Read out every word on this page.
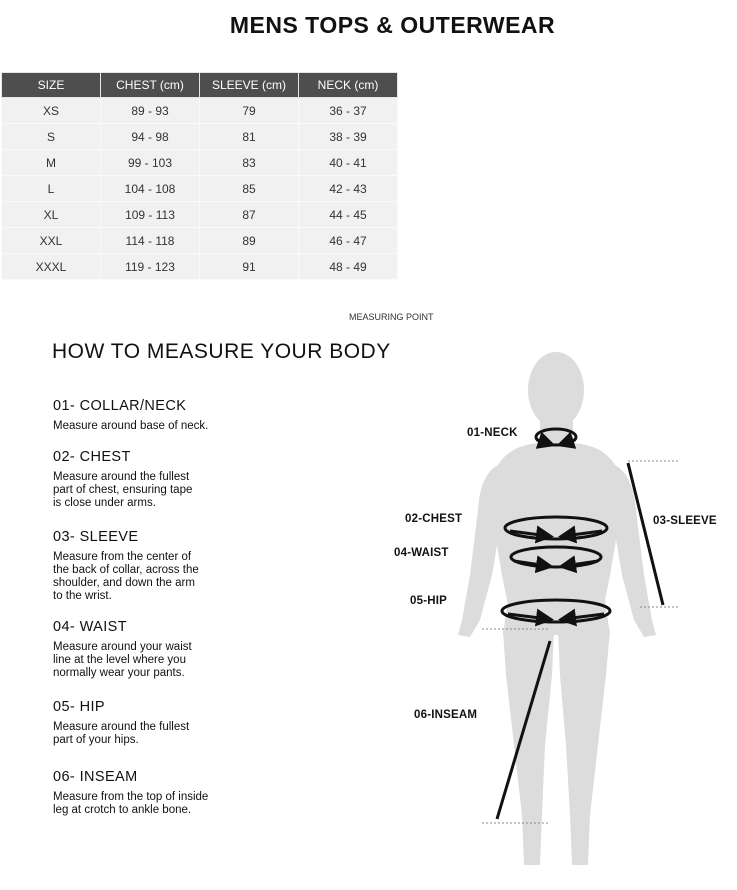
MENS TOPS & OUTERWEAR
SIZE	CHEST (cm)	SLEEVE (cm)	NECK (cm)
XS	89 - 93	79	36 - 37
S	94 - 98	81	38 - 39
M	99 - 103	83	40 - 41
L	104 - 108	85	42 - 43
XL	109 - 113	87	44 - 45
XXL	114 - 118	89	46 - 47
XXXL	119 - 123	91	48 - 49
MEASURING POINT
HOW TO MEASURE YOUR BODY
01- COLLAR/NECK
Measure around base of neck.
02- CHEST
Measure around the fullest
part of chest, ensuring tape
is close under arms.
03- SLEEVE
Measure from the center of
the back of collar, across the
shoulder, and down the arm
to the wrist.
04- WAIST
Measure around your waist
line at the level where you
normally wear your pants.
05- HIP
Measure around the fullest
part of your hips.
06- INSEAM
Measure from the top of inside
leg at crotch to ankle bone.
01-NECK
02-CHEST	03-SLEEVE
04-WAIST
05-HIP
06-INSEAM
